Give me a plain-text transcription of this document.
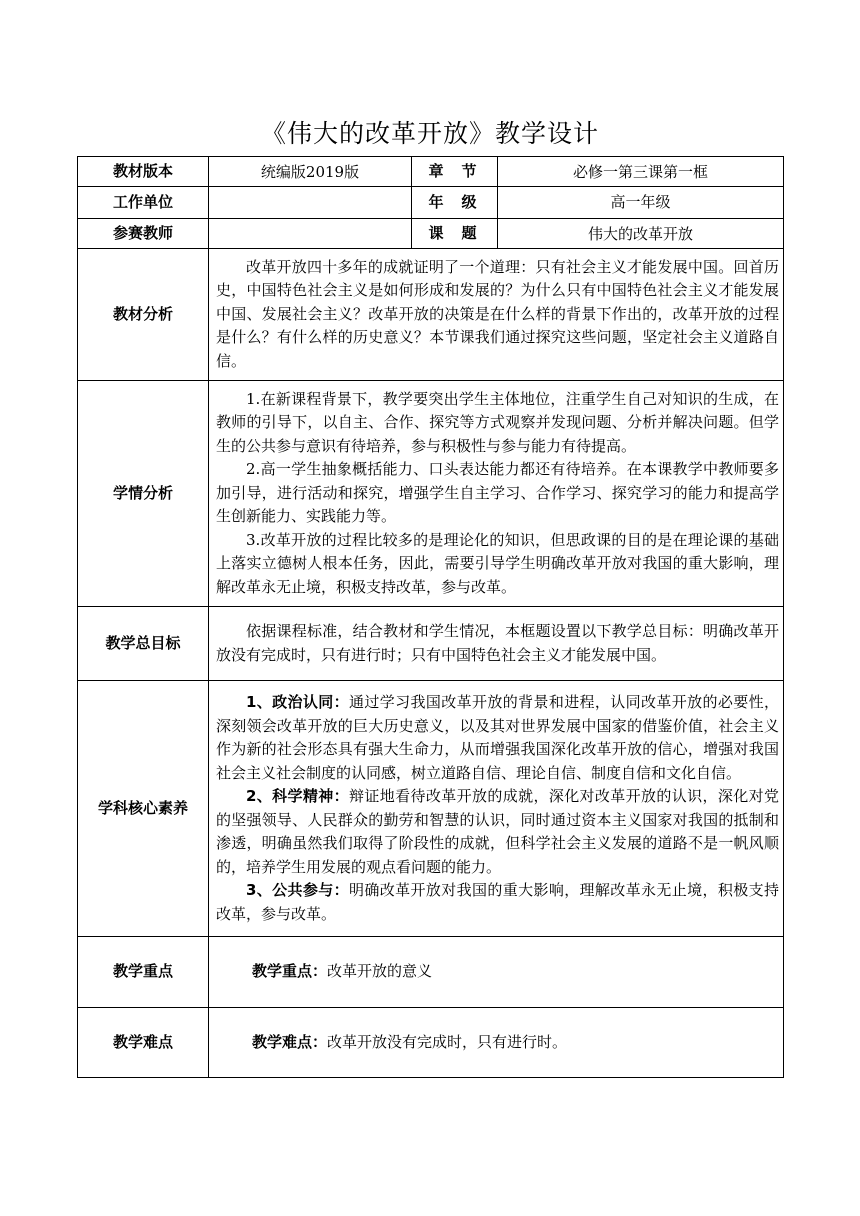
《伟大的改革开放》教学设计
教材版本	统编版2019版	章节	必修一第三课第一框
工作单位		年级	高一年级
参赛教师		课题	伟大的改革开放
教材分析	改革开放四十多年的成就证明了一个道理：只有社会主义才能发展中国。回首历史，中国特色社会主义是如何形成和发展的？为什么只有中国特色社会主义才能发展中国、发展社会主义？改革开放的决策是在什么样的背景下作出的，改革开放的过程是什么？有什么样的历史意义？本节课我们通过探究这些问题，坚定社会主义道路自信。		

学情分析	1.在新课程背景下，教学要突出学生主体地位，注重学生自己对知识的生成，在教师的引导下，以自主、合作、探究等方式观察并发现问题、分析并解决问题。但学生的公共参与意识有待培养，参与积极性与参与能力有待提高。

2.高一学生抽象概括能力、口头表达能力都还有待培养。在本课教学中教师要多加引导，进行活动和探究，增强学生自主学习、合作学习、探究学习的能力和提高学生创新能力、实践能力等。

3.改革开放的过程比较多的是理论化的知识，但思政课的目的是在理论课的基础上落实立德树人根本任务，因此，需要引导学生明确改革开放对我国的重大影响，理解改革永无止境，积极支持改革，参与改革。		

教学总目标	依据课程标准，结合教材和学生情况，本框题设置以下教学总目标：明确改革开放没有完成时，只有进行时；只有中国特色社会主义才能发展中国。		

学科核心素养	1、政治认同：通过学习我国改革开放的背景和进程，认同改革开放的必要性，深刻领会改革开放的巨大历史意义，以及其对世界发展中国家的借鉴价值，社会主义作为新的社会形态具有强大生命力，从而增强我国深化改革开放的信心，增强对我国社会主义社会制度的认同感，树立道路自信、理论自信、制度自信和文化自信。

2、科学精神：辩证地看待改革开放的成就，深化对改革开放的认识，深化对党的坚强领导、人民群众的勤劳和智慧的认识，同时通过资本主义国家对我国的抵制和渗透，明确虽然我们取得了阶段性的成就，但科学社会主义发展的道路不是一帆风顺的，培养学生用发展的观点看问题的能力。

3、公共参与：明确改革开放对我国的重大影响，理解改革永无止境，积极支持改革，参与改革。		

教学重点	教学重点：改革开放的意义		
教学难点	教学难点：改革开放没有完成时，只有进行时。		
